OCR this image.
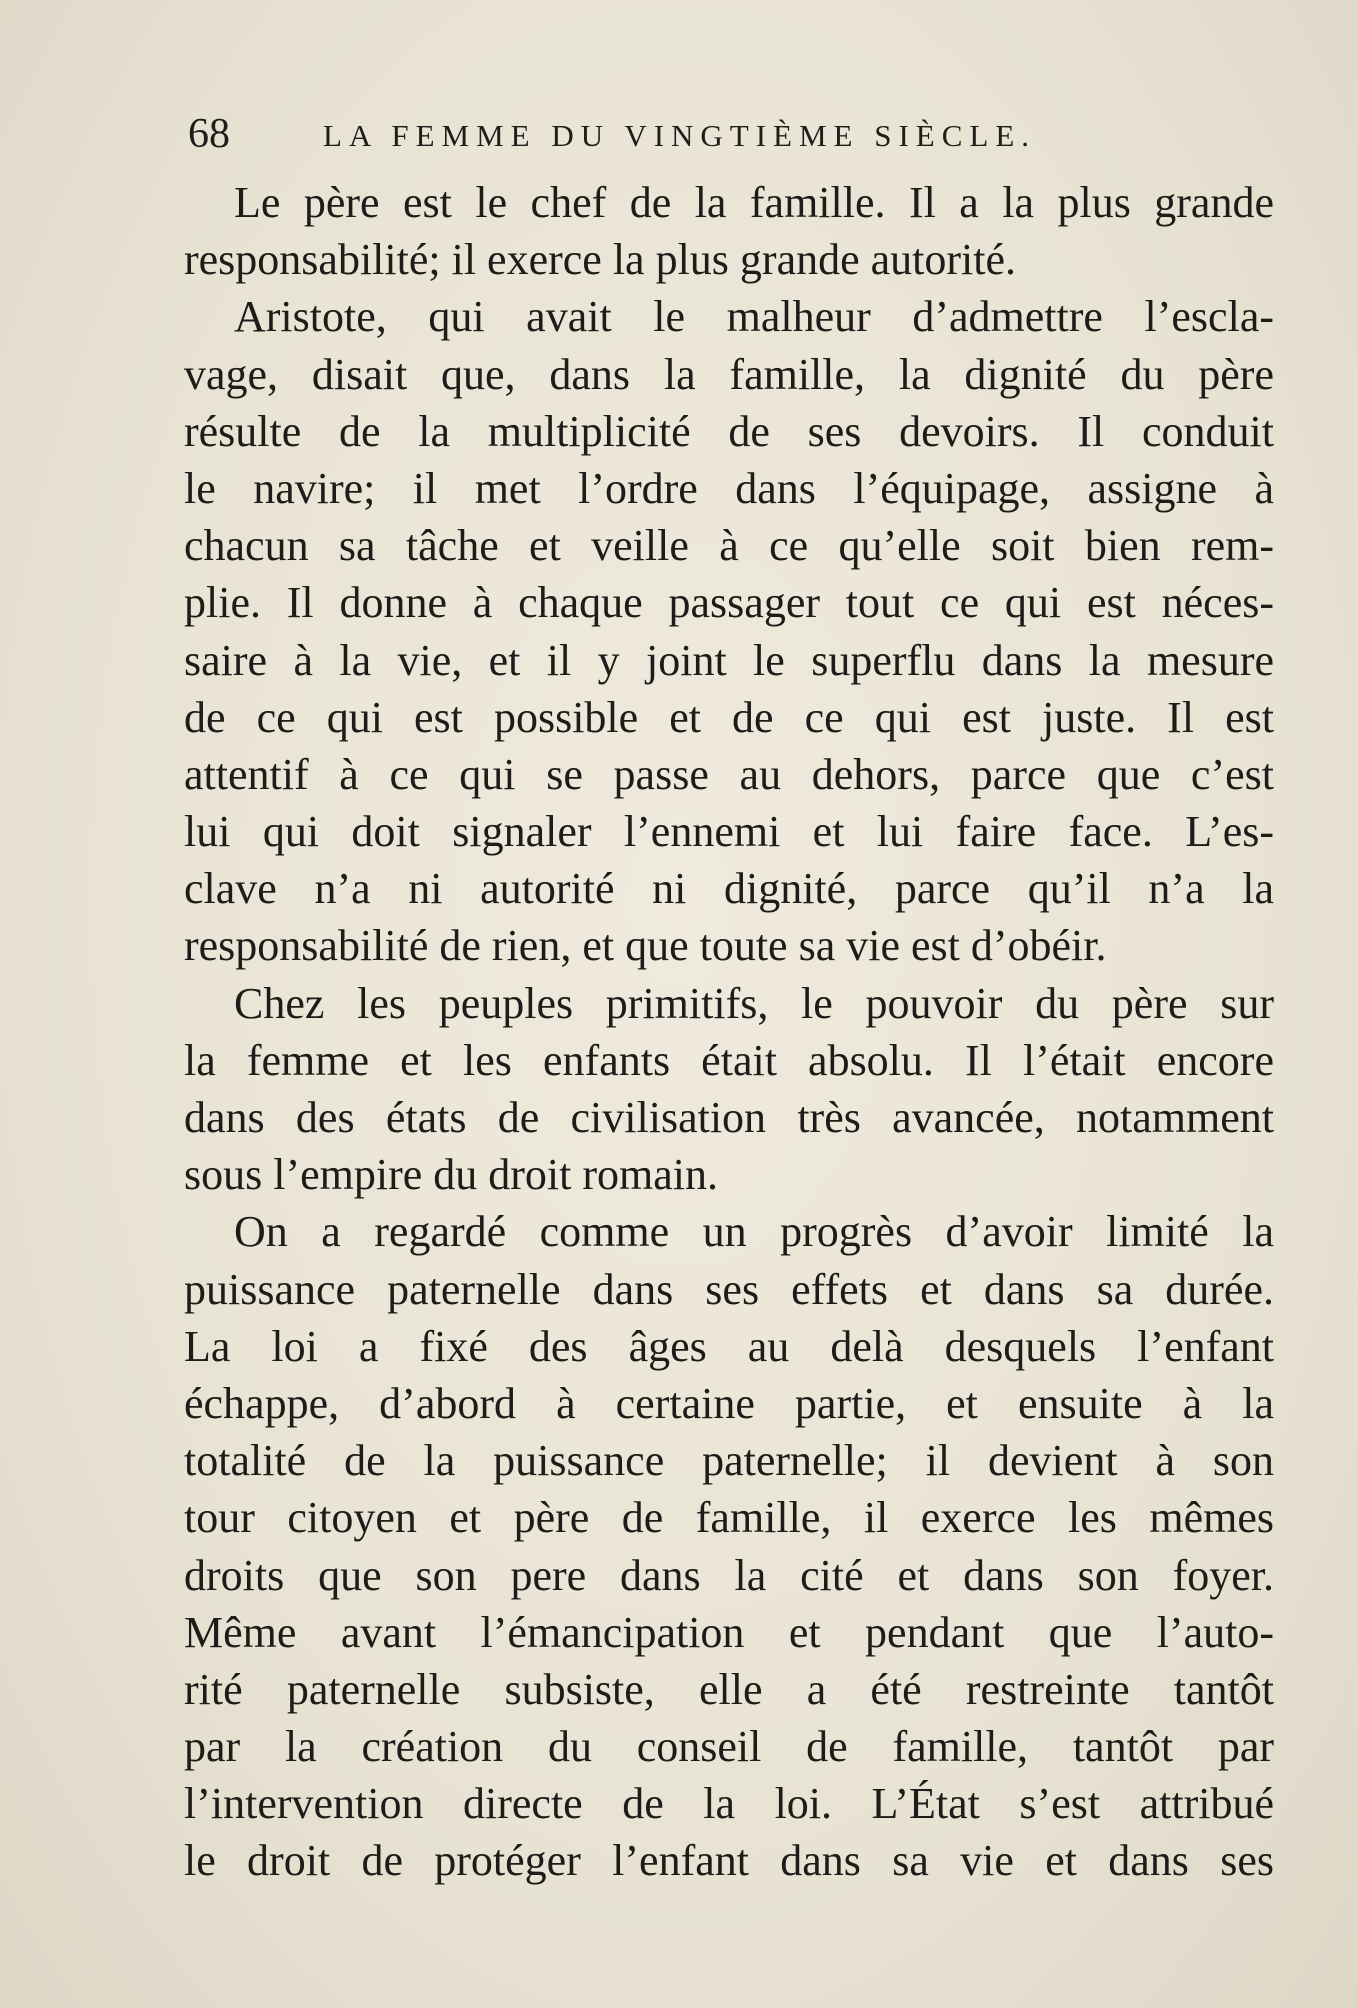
68	LA FEMME DU VINGTIÈME SIÈCLE.
Le père est le chef de la famille. Il a la plus grande
responsabilité; il exerce la plus grande autorité.
Aristote, qui avait le malheur d’admettre l’escla-
vage, disait que, dans la famille, la dignité du père
résulte de la multiplicité de ses devoirs. Il conduit
le navire; il met l’ordre dans l’équipage, assigne à
chacun sa tâche et veille à ce qu’elle soit bien rem-
plie. Il donne à chaque passager tout ce qui est néces-
saire à la vie, et il y joint le superflu dans la mesure
de ce qui est possible et de ce qui est juste. Il est
attentif à ce qui se passe au dehors, parce que c’est
lui qui doit signaler l’ennemi et lui faire face. L’es-
clave n’a ni autorité ni dignité, parce qu’il n’a la
responsabilité de rien, et que toute sa vie est d’obéir.
Chez les peuples primitifs, le pouvoir du père sur
la femme et les enfants était absolu. Il l’était encore
dans des états de civilisation très avancée, notamment
sous l’empire du droit romain.
On a regardé comme un progrès d’avoir limité la
puissance paternelle dans ses effets et dans sa durée.
La loi a fixé des âges au delà desquels l’enfant
échappe, d’abord à certaine partie, et ensuite à la
totalité de la puissance paternelle; il devient à son
tour citoyen et père de famille, il exerce les mêmes
droits que son pere dans la cité et dans son foyer.
Même avant l’émancipation et pendant que l’auto-
rité paternelle subsiste, elle a été restreinte tantôt
par la création du conseil de famille, tantôt par
l’intervention directe de la loi. L’État s’est attribué
le droit de protéger l’enfant dans sa vie et dans ses
